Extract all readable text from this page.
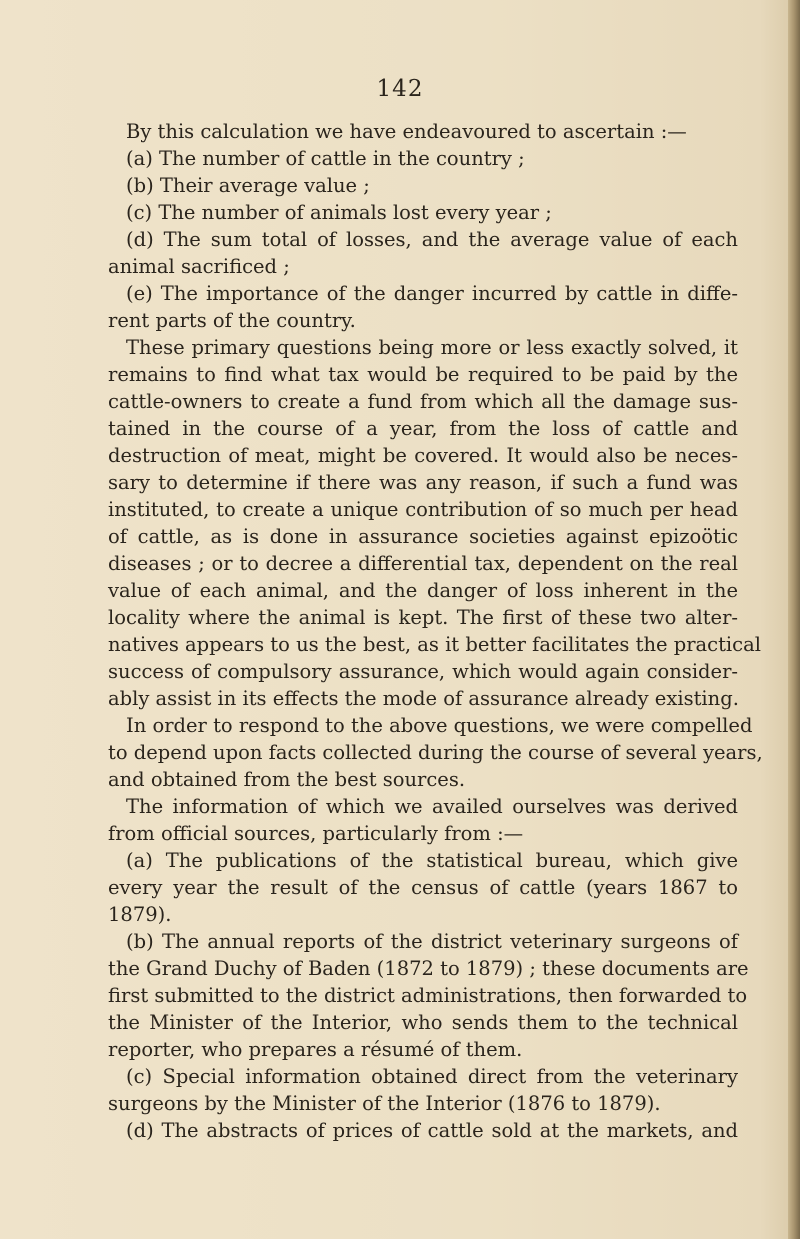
142
By this calculation we have endeavoured to ascertain :—
(a) The number of cattle in the country ;
(b) Their average value ;
(c) The number of animals lost every year ;
(d) The sum total of losses, and the average value of each
animal sacrificed ;
(e) The importance of the danger incurred by cattle in diffe-
rent parts of the country.
These primary questions being more or less exactly solved, it
remains to find what tax would be required to be paid by the
cattle-owners to create a fund from which all the damage sus-
tained in the course of a year, from the loss of cattle and
destruction of meat, might be covered. It would also be neces-
sary to determine if there was any reason, if such a fund was
instituted, to create a unique contribution of so much per head
of cattle, as is done in assurance societies against epizoötic
diseases ; or to decree a differential tax, dependent on the real
value of each animal, and the danger of loss inherent in the
locality where the animal is kept. The first of these two alter-
natives appears to us the best, as it better facilitates the practical
success of compulsory assurance, which would again consider-
ably assist in its effects the mode of assurance already existing.
In order to respond to the above questions, we were compelled
to depend upon facts collected during the course of several years,
and obtained from the best sources.
The information of which we availed ourselves was derived
from official sources, particularly from :—
(a) The publications of the statistical bureau, which give
every year the result of the census of cattle (years 1867 to
1879).
(b) The annual reports of the district veterinary surgeons of
the Grand Duchy of Baden (1872 to 1879) ; these documents are
first submitted to the district administrations, then forwarded to
the Minister of the Interior, who sends them to the technical
reporter, who prepares a résumé of them.
(c) Special information obtained direct from the veterinary
surgeons by the Minister of the Interior (1876 to 1879).
(d) The abstracts of prices of cattle sold at the markets, and
